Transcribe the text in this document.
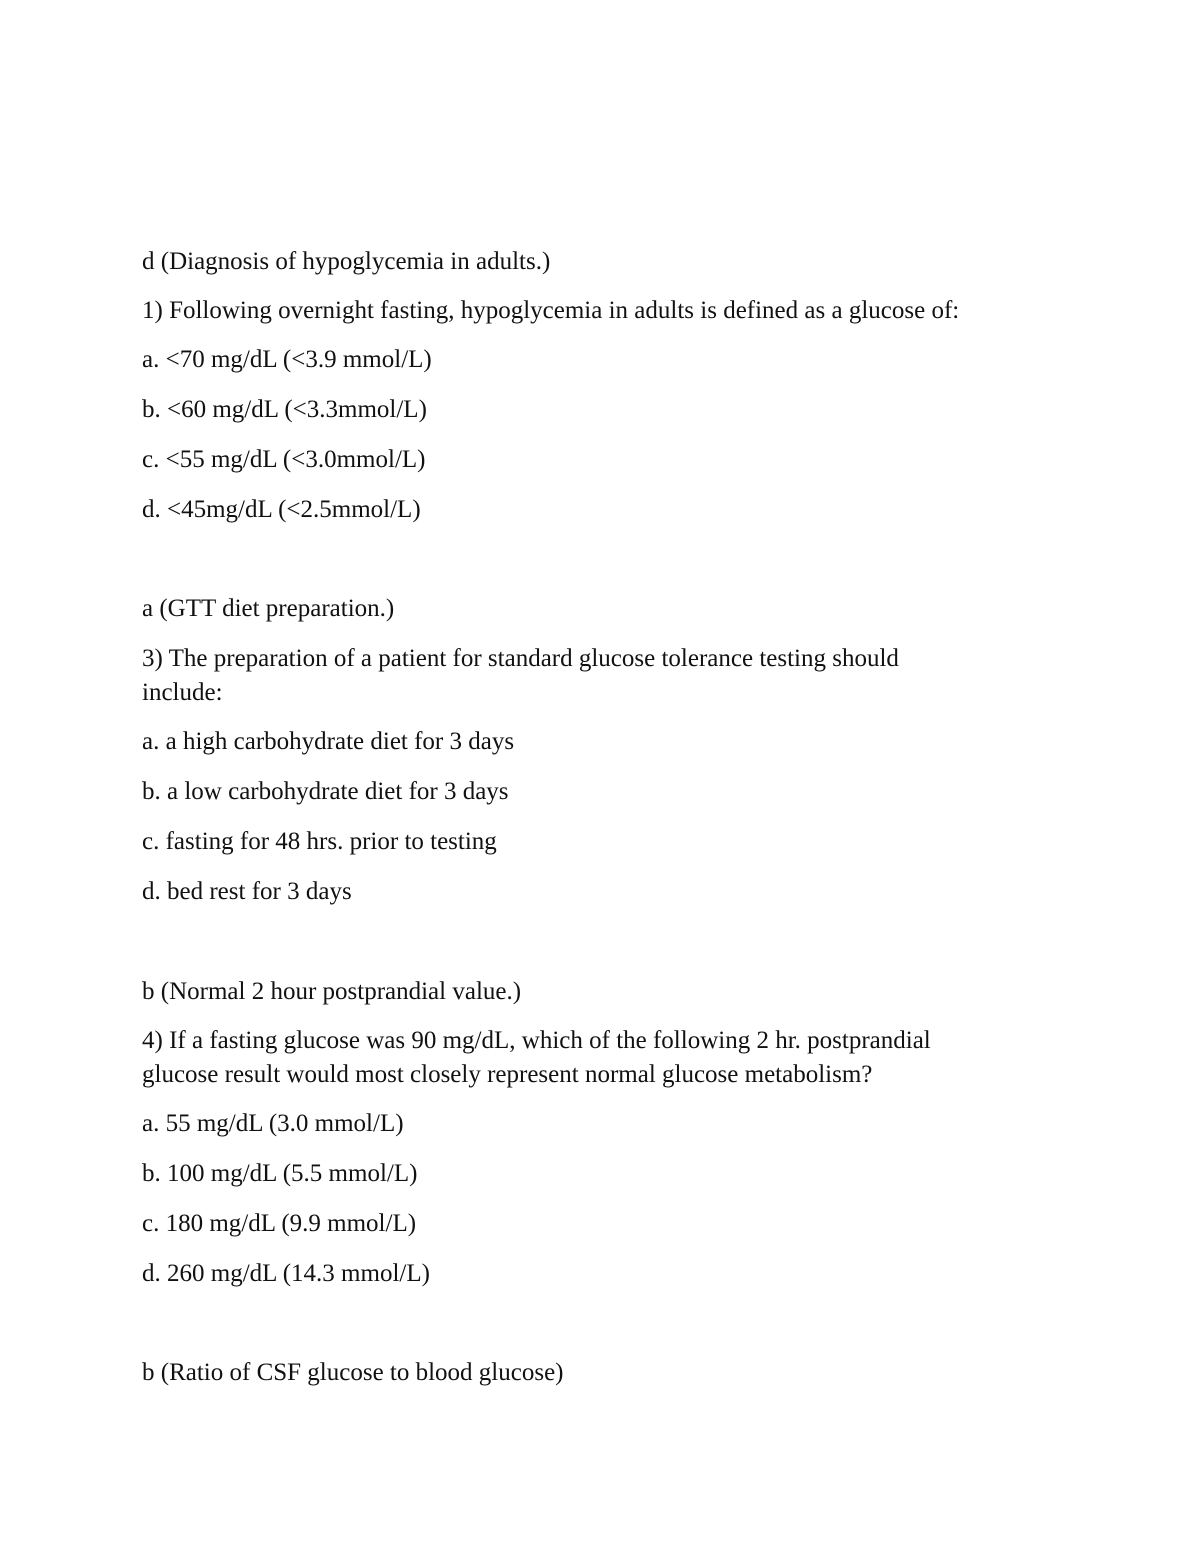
d (Diagnosis of hypoglycemia in adults.)

1) Following overnight fasting, hypoglycemia in adults is defined as a glucose of:

a. <70 mg/dL (<3.9 mmol/L)

b. <60 mg/dL (<3.3mmol/L)

c. <55 mg/dL (<3.0mmol/L)

d. <45mg/dL (<2.5mmol/L)

a (GTT diet preparation.)

3) The preparation of a patient for standard glucose tolerance testing should

include:

a. a high carbohydrate diet for 3 days

b. a low carbohydrate diet for 3 days

c. fasting for 48 hrs. prior to testing

d. bed rest for 3 days

b (Normal 2 hour postprandial value.)

4) If a fasting glucose was 90 mg/dL, which of the following 2 hr. postprandial

glucose result would most closely represent normal glucose metabolism?

a. 55 mg/dL (3.0 mmol/L)

b. 100 mg/dL (5.5 mmol/L)

c. 180 mg/dL (9.9 mmol/L)

d. 260 mg/dL (14.3 mmol/L)

b (Ratio of CSF glucose to blood glucose)
